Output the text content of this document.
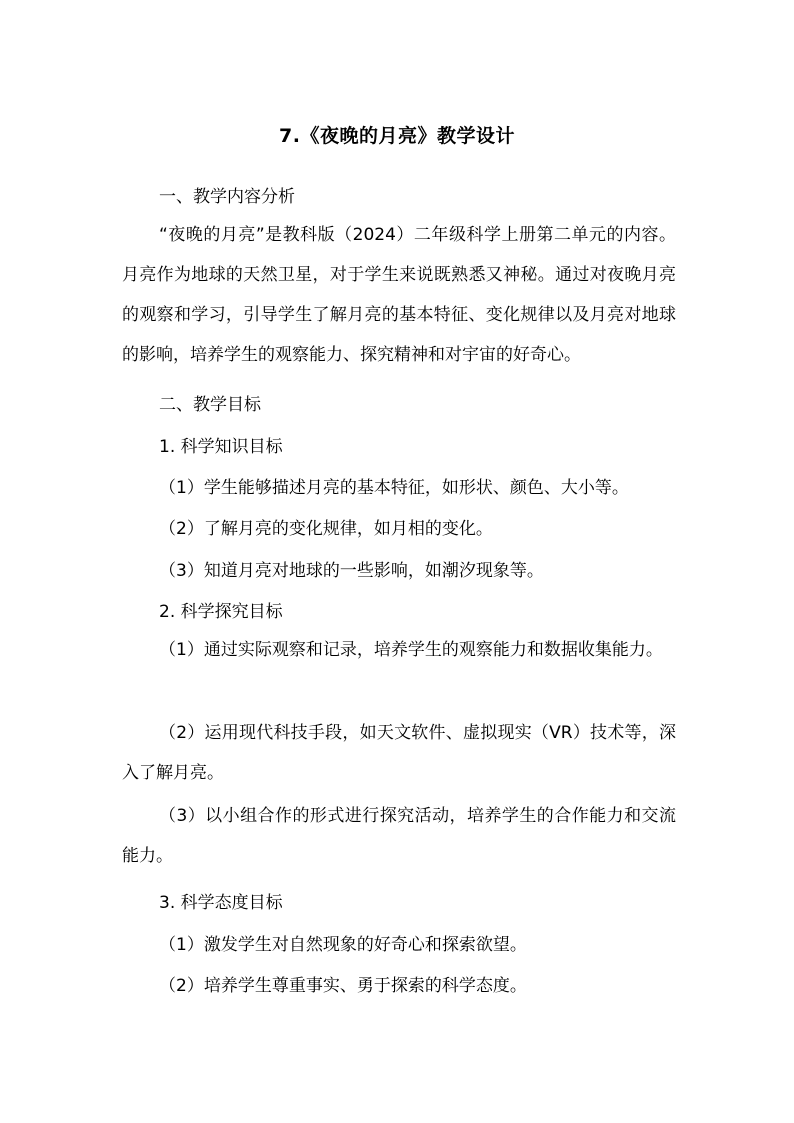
7.《夜晚的月亮》教学设计
一、教学内容分析
“夜晚的月亮”是教科版（2024）二年级科学上册第二单元的内容。月亮作为地球的天然卫星，对于学生来说既熟悉又神秘。通过对夜晚月亮的观察和学习，引导学生了解月亮的基本特征、变化规律以及月亮对地球的影响，培养学生的观察能力、探究精神和对宇宙的好奇心。
二、教学目标
1. 科学知识目标
（1）学生能够描述月亮的基本特征，如形状、颜色、大小等。
（2）了解月亮的变化规律，如月相的变化。
（3）知道月亮对地球的一些影响，如潮汐现象等。
2. 科学探究目标
（1）通过实际观察和记录，培养学生的观察能力和数据收集能力。
（2）运用现代科技手段，如天文软件、虚拟现实（VR）技术等，深入了解月亮。
（3）以小组合作的形式进行探究活动，培养学生的合作能力和交流能力。
3. 科学态度目标
（1）激发学生对自然现象的好奇心和探索欲望。
（2）培养学生尊重事实、勇于探索的科学态度。
